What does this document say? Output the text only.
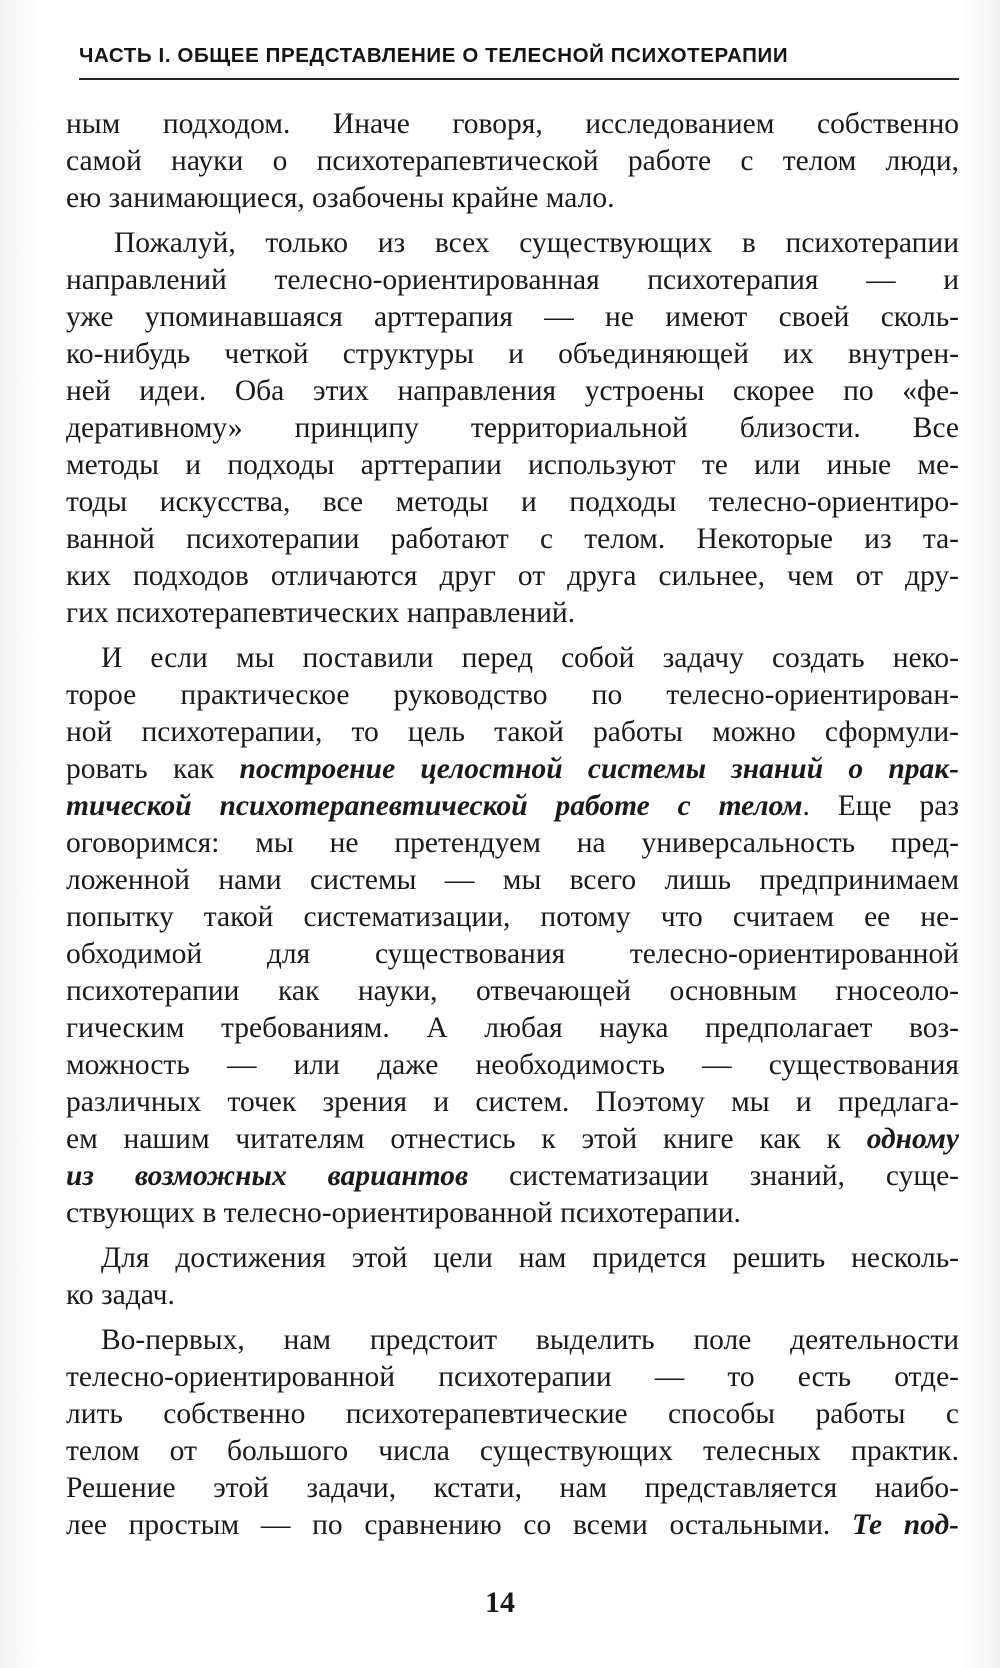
ЧАСТЬ I. ОБЩЕЕ ПРЕДСТАВЛЕНИЕ О ТЕЛЕСНОЙ ПСИХОТЕРАПИИ
ным подходом. Иначе говоря, исследованием собственно
самой науки о психотерапевтической работе с телом люди,
ею занимающиеся, озабочены крайне мало.
Пожалуй, только из всех существующих в психотерапии
направлений телесно-ориентированная психотерапия — и
уже упоминавшаяся арттерапия — не имеют своей сколь-
ко-нибудь четкой структуры и объединяющей их внутрен-
ней идеи. Оба этих направления устроены скорее по «фе-
деративному» принципу территориальной близости. Все
методы и подходы арттерапии используют те или иные ме-
тоды искусства, все методы и подходы телесно-ориентиро-
ванной психотерапии работают с телом. Некоторые из та-
ких подходов отличаются друг от друга сильнее, чем от дру-
гих психотерапевтических направлений.
И если мы поставили перед собой задачу создать неко-
торое практическое руководство по телесно-ориентирован-
ной психотерапии, то цель такой работы можно сформули-
ровать как построение целостной системы знаний о прак-
тической психотерапевтической работе с телом. Еще раз
оговоримся: мы не претендуем на универсальность пред-
ложенной нами системы — мы всего лишь предпринимаем
попытку такой систематизации, потому что считаем ее не-
обходимой для существования телесно-ориентированной
психотерапии как науки, отвечающей основным гносеоло-
гическим требованиям. А любая наука предполагает воз-
можность — или даже необходимость — существования
различных точек зрения и систем. Поэтому мы и предлага-
ем нашим читателям отнестись к этой книге как к одному
из возможных вариантов систематизации знаний, суще-
ствующих в телесно-ориентированной психотерапии.
Для достижения этой цели нам придется решить несколь-
ко задач.
Во-первых, нам предстоит выделить поле деятельности
телесно-ориентированной психотерапии — то есть отде-
лить собственно психотерапевтические способы работы с
телом от большого числа существующих телесных практик.
Решение этой задачи, кстати, нам представляется наибо-
лее простым — по сравнению со всеми остальными. Те под-
14
